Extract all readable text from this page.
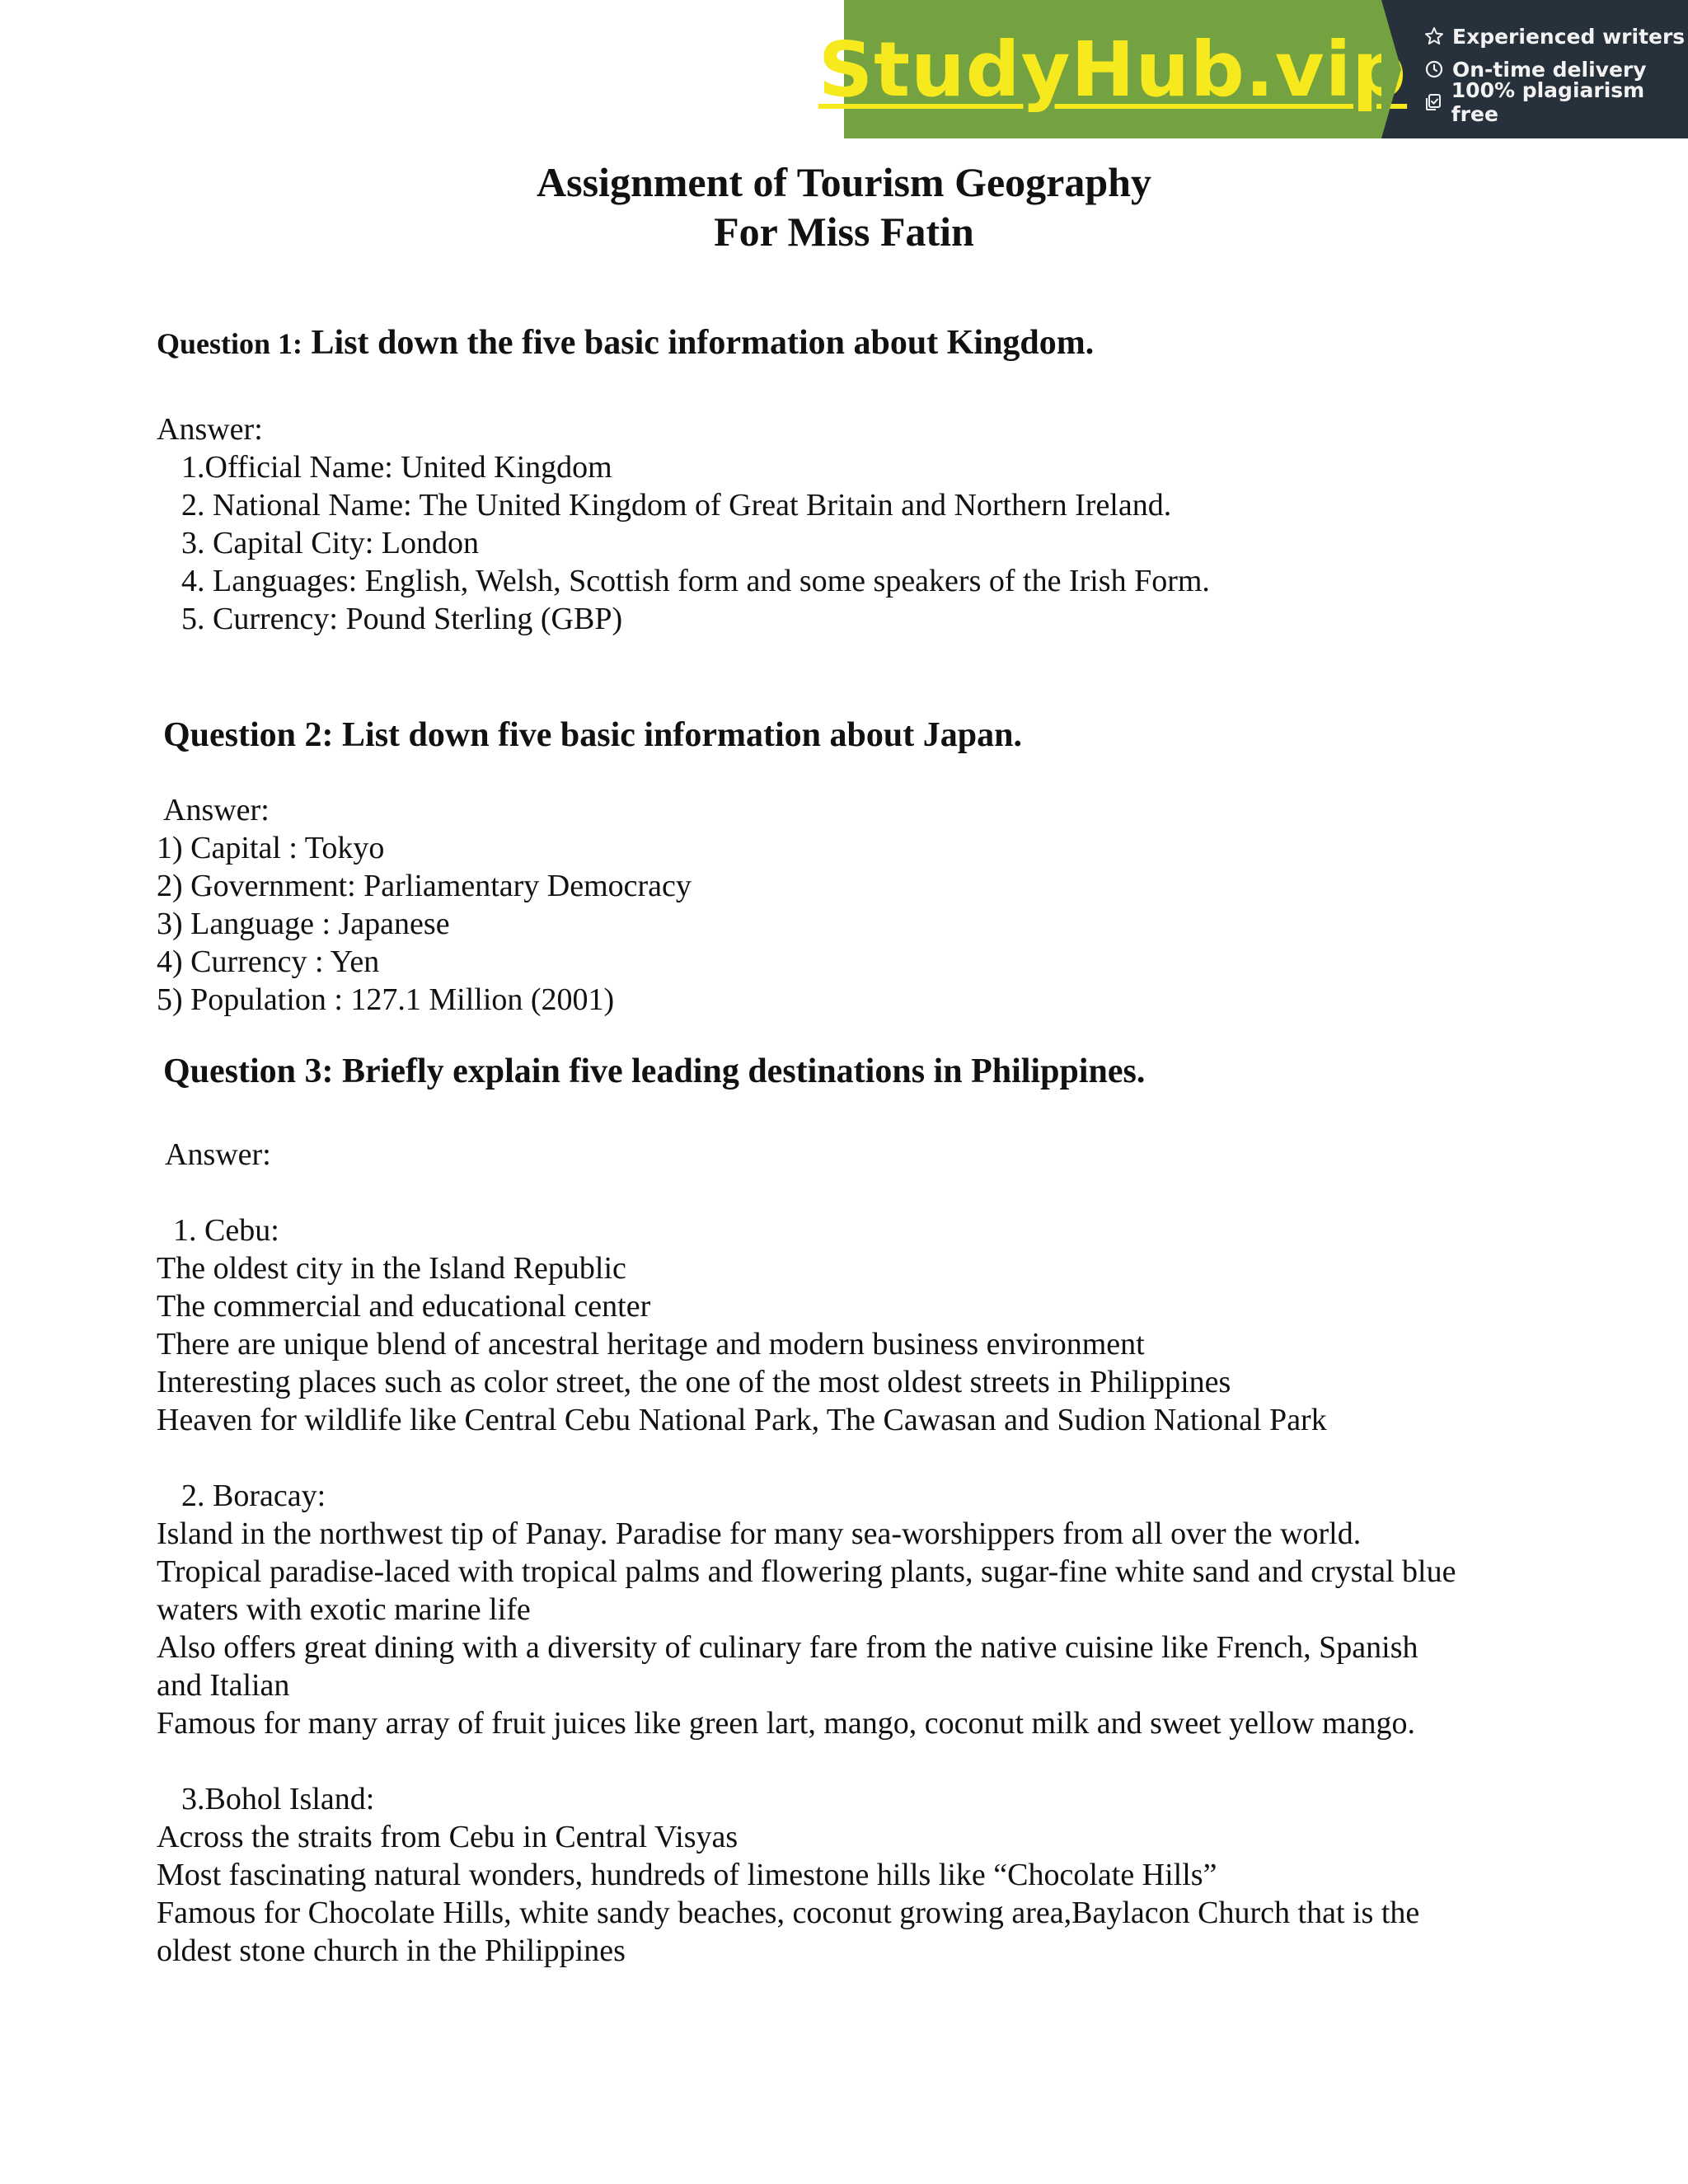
StudyHub.vip Experienced writers
On-time delivery
100% plagiarism free
Assignment of Tourism Geography
For Miss Fatin

Question 1: List down the five basic information about Kingdom.

Answer:

1.Official Name: United Kingdom

2. National Name: The United Kingdom of Great Britain and Northern Ireland.

3. Capital City: London

4. Languages: English, Welsh, Scottish form and some speakers of the Irish Form.

5. Currency: Pound Sterling (GBP)

Question 2: List down five basic information about Japan.

Answer:

1) Capital : Tokyo

2) Government: Parliamentary Democracy

3) Language : Japanese

4) Currency : Yen

5) Population : 127.1 Million (2001)

Question 3: Briefly explain five leading destinations in Philippines.

Answer:

1. Cebu:

The oldest city in the Island Republic

The commercial and educational center

There are unique blend of ancestral heritage and modern business environment

Interesting places such as color street, the one of the most oldest streets in Philippines

Heaven for wildlife like Central Cebu National Park, The Cawasan and Sudion National Park

2. Boracay:

Island in the northwest tip of Panay. Paradise for many sea-worshippers from all over the world.

Tropical paradise-laced with tropical palms and flowering plants, sugar-fine white sand and crystal blue

waters with exotic marine life

Also offers great dining with a diversity of culinary fare from the native cuisine like French, Spanish

and Italian

Famous for many array of fruit juices like green lart, mango, coconut milk and sweet yellow mango.

3.Bohol Island:

Across the straits from Cebu in Central Visyas

Most fascinating natural wonders, hundreds of limestone hills like “Chocolate Hills”

Famous for Chocolate Hills, white sandy beaches, coconut growing area,Baylacon Church that is the

oldest stone church in the Philippines
